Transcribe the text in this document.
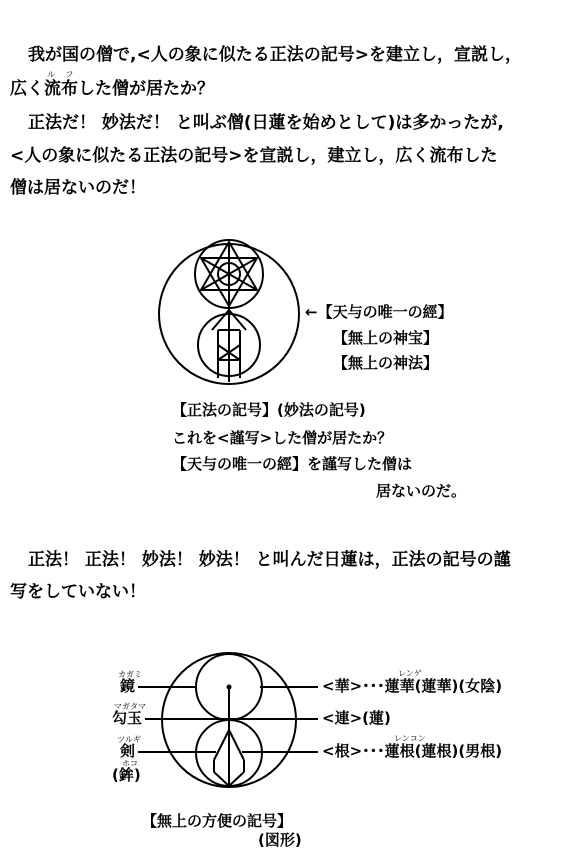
我が国の僧で,<人の象に似たる正法の記号>を建立し，宣説し，
ル フ
広く流布した僧が居たか？
正法だ！ 妙法だ！ と叫ぶ僧(日蓮を始めとして)は多かったが,
<人の象に似たる正法の記号>を宣説し，建立し，広く流布した
僧は居ないのだ！
←【天与の唯一の經】
【無上の神宝】
【無上の神法】
【正法の記号】(妙法の記号)
これを<謹写>した僧が居たか？
【天与の唯一の經】を謹写した僧は
居ないのだ。
正法！ 正法！ 妙法！ 妙法！ と叫んだ日蓮は，正法の記号の謹
写をしていない！
カガミ
鏡
マガタマ
勾玉
ツルギ
剣
ホコ
(鉾)
<華>･･･蓮華(蓮華)(女陰)
レンゲ
<連>(蓮)
<根>･･･蓮根(蓮根)(男根)
レンコン
【無上の方便の記号】
(図形)
